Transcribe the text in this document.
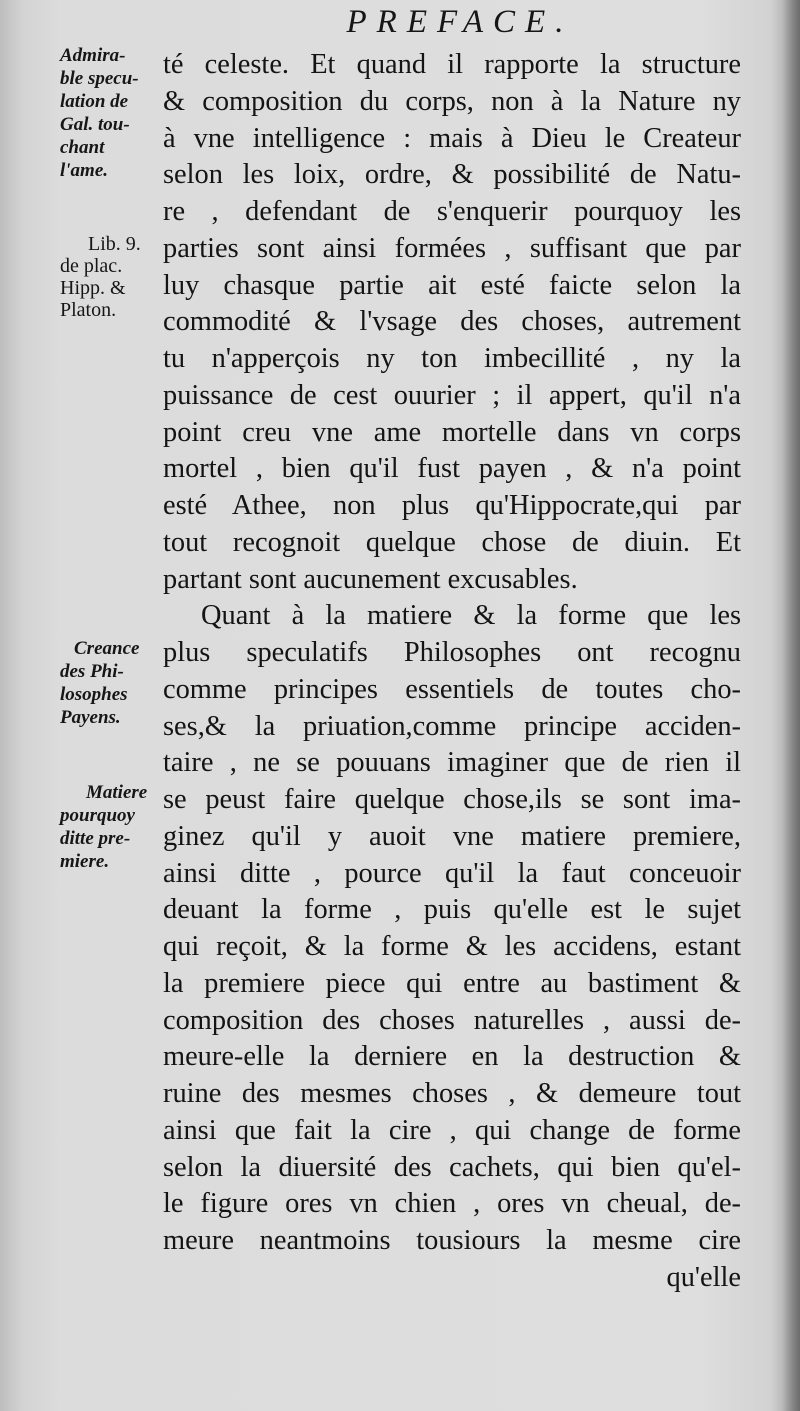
PREFACE.
Admira-
ble specu-
lation de
Gal. tou-
chant
l'ame.
Lib. 9.
de plac.
Hipp. &
Platon.
Creance
des Phi-
losophes
Payens.
Matiere
pourquoy
ditte pre-
miere.
té celeste. Et quand il rapporte la structure
& composition du corps, non à la Nature ny
à vne intelligence : mais à Dieu le Createur
selon les loix, ordre, & possibilité de Natu-
re , defendant de s'enquerir pourquoy les
parties sont ainsi formées , suffisant que par
luy chasque partie ait esté faicte selon la
commodité & l'vsage des choses, autrement
tu n'apperçois ny ton imbecillité , ny la
puissance de cest ouurier ; il appert, qu'il n'a
point creu vne ame mortelle dans vn corps
mortel , bien qu'il fust payen , & n'a point
esté Athee, non plus qu'Hippocrate,qui par
tout recognoit quelque chose de diuin. Et
partant sont aucunement excusables.
Quant à la matiere & la forme que les
plus speculatifs Philosophes ont recognu
comme principes essentiels de toutes cho-
ses,& la priuation,comme principe acciden-
taire , ne se pouuans imaginer que de rien il
se peust faire quelque chose,ils se sont ima-
ginez qu'il y auoit vne matiere premiere,
ainsi ditte , pource qu'il la faut conceuoir
deuant la forme , puis qu'elle est le sujet
qui reçoit, & la forme & les accidens, estant
la premiere piece qui entre au bastiment &
composition des choses naturelles , aussi de-
meure-elle la derniere en la destruction &
ruine des mesmes choses , & demeure tout
ainsi que fait la cire , qui change de forme
selon la diuersité des cachets, qui bien qu'el-
le figure ores vn chien , ores vn cheual, de-
meure neantmoins tousiours la mesme cire
qu'elle
